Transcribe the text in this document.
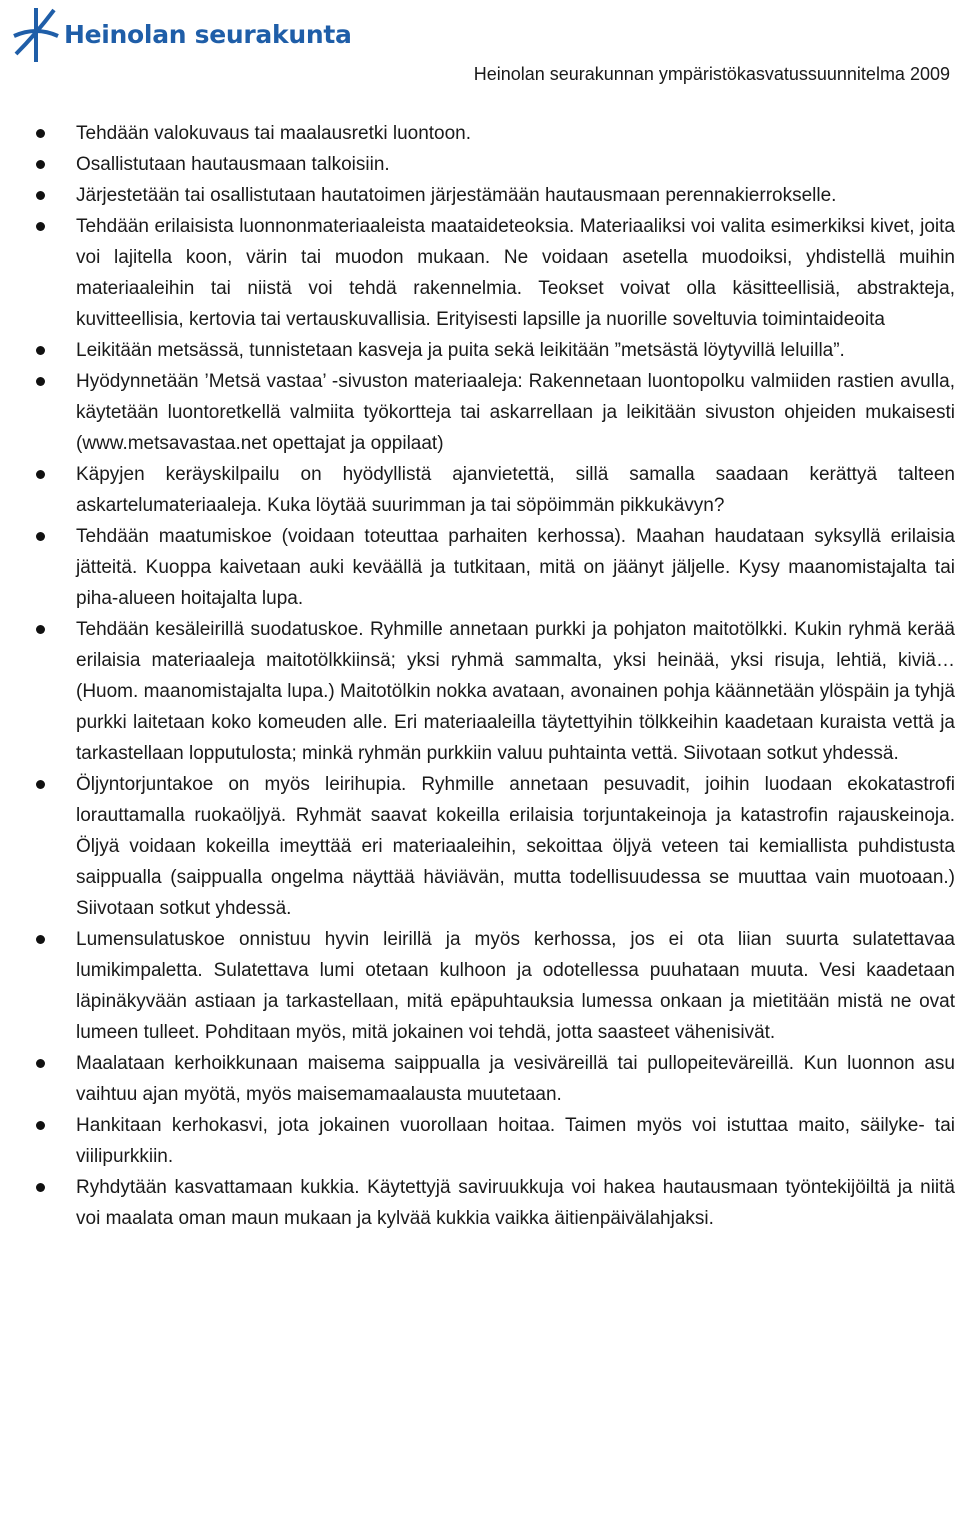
Heinolan seurakunta
Heinolan seurakunnan ympäristökasvatussuunnitelma 2009
Tehdään valokuvaus tai maalausretki luontoon.
Osallistutaan hautausmaan talkoisiin.
Järjestetään tai osallistutaan hautatoimen järjestämään hautausmaan perennakierrokselle.
Tehdään erilaisista luonnonmateriaaleista maataideteoksia. Materiaaliksi voi valita esimerkiksi kivet, joita voi lajitella koon, värin tai muodon mukaan. Ne voidaan asetella muodoiksi, yhdistellä muihin materiaaleihin tai niistä voi tehdä rakennelmia. Teokset voivat olla käsitteellisiä, abstrakteja, kuvitteellisia, kertovia tai vertauskuvallisia. Erityisesti lapsille ja nuorille soveltuvia toimintaideoita
Leikitään metsässä, tunnistetaan kasveja ja puita sekä leikitään ”metsästä löytyvillä leluilla”.
Hyödynnetään ’Metsä vastaa’ -sivuston materiaaleja: Rakennetaan luontopolku valmiiden rastien avulla, käytetään luontoretkellä valmiita työkortteja tai askarrellaan ja leikitään sivuston ohjeiden mukaisesti (www.metsavastaa.net opettajat ja oppilaat)
Käpyjen keräyskilpailu on hyödyllistä ajanvietettä, sillä samalla saadaan kerättyä talteen askartelumateriaaleja. Kuka löytää suurimman ja tai söpöimmän pikkukävyn?
Tehdään maatumiskoe (voidaan toteuttaa parhaiten kerhossa). Maahan haudataan syksyllä erilaisia jätteitä. Kuoppa kaivetaan auki keväällä ja tutkitaan, mitä on jäänyt jäljelle. Kysy maanomistajalta tai piha-alueen hoitajalta lupa.
Tehdään kesäleirillä suodatuskoe. Ryhmille annetaan purkki ja pohjaton maitotölkki. Kukin ryhmä kerää erilaisia materiaaleja maitotölkkiinsä; yksi ryhmä sammalta, yksi heinää, yksi risuja, lehtiä, kiviä… (Huom. maanomistajalta lupa.) Maitotölkin nokka avataan, avonainen pohja käännetään ylöspäin ja tyhjä purkki laitetaan koko komeuden alle. Eri materiaaleilla täytettyihin tölkkeihin kaadetaan kuraista vettä ja tarkastellaan lopputulosta; minkä ryhmän purkkiin valuu puhtainta vettä. Siivotaan sotkut yhdessä.
Öljyntorjuntakoe on myös leirihupia. Ryhmille annetaan pesuvadit, joihin luodaan ekokatastrofi lorauttamalla ruokaöljyä. Ryhmät saavat kokeilla erilaisia torjuntakeinoja ja katastrofin rajauskeinoja. Öljyä voidaan kokeilla imeyttää eri materiaaleihin, sekoittaa öljyä veteen tai kemiallista puhdistusta saippualla (saippualla ongelma näyttää häviävän, mutta todellisuudessa se muuttaa vain muotoaan.) Siivotaan sotkut yhdessä.
Lumensulatuskoe onnistuu hyvin leirillä ja myös kerhossa, jos ei ota liian suurta sulatettavaa lumikimpaletta. Sulatettava lumi otetaan kulhoon ja odotellessa puuhataan muuta. Vesi kaadetaan läpinäkyvään astiaan ja tarkastellaan, mitä epäpuhtauksia lumessa onkaan ja mietitään mistä ne ovat lumeen tulleet. Pohditaan myös, mitä jokainen voi tehdä, jotta saasteet vähenisivät.
Maalataan kerhoikkunaan maisema saippualla ja vesiväreillä tai pullopeiteväreillä. Kun luonnon asu vaihtuu ajan myötä, myös maisemamaalausta muutetaan.
Hankitaan kerhokasvi, jota jokainen vuorollaan hoitaa. Taimen myös voi istuttaa maito, säilyke- tai viilipurkkiin.
Ryhdytään kasvattamaan kukkia. Käytettyjä saviruukkuja voi hakea hautausmaan työntekijöiltä ja niitä voi maalata oman maun mukaan ja kylvää kukkia vaikka äitienpäivälahjaksi.
